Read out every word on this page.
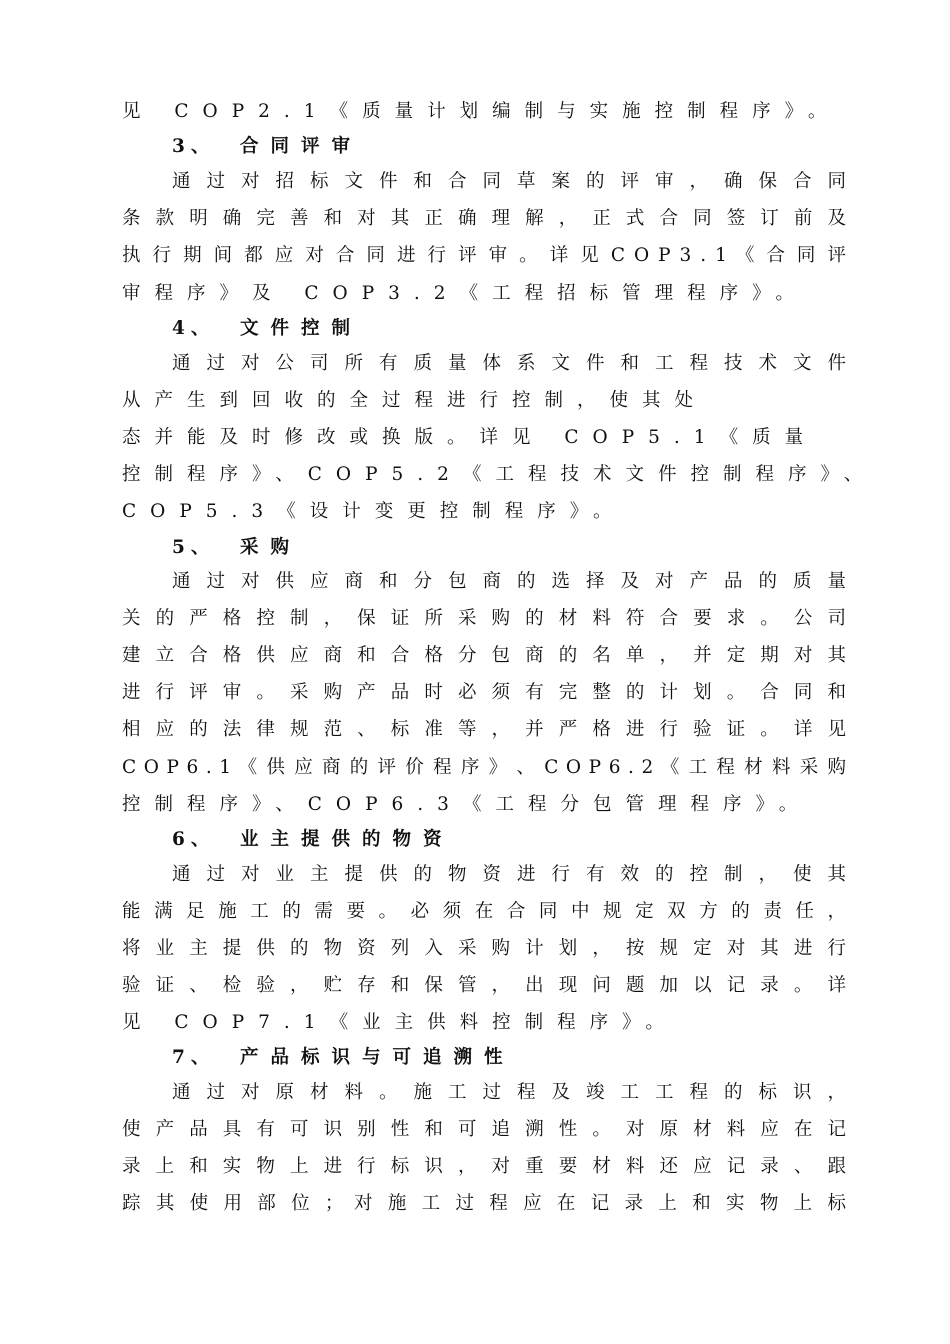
见 COP2.1《质量计划编制与实施控制程序》。
3、 合同评审
通 过 对 招 标 文 件 和 合 同 草 案 的 评 审 ， 确 保 合 同
条 款 明 确 完 善 和 对 其 正 确 理 解 ， 正 式 合 同 签 订 前 及
执 行 期 间 都 应 对 合 同 进 行 评 审 。 详 见 C O P 3 . 1 《 合 同 评
审程序》及 COP3.2《工程招标管理程序》。
4、 文件控制
通 过 对 公 司 所 有 质 量 体 系 文 件 和 工 程 技 术 文 件
从产生到回收的全过程进行控制，使其处
态并能及时修改或换版。详见 COP5.1《质量
控制程序》、COP5.2《工程技术文件控制程序》、
COP5.3《设计变更控制程序》。
5、 采购
通 过 对 供 应 商 和 分 包 商 的 选 择 及 对 产 品 的 质 量
关 的 严 格 控 制 ， 保 证 所 采 购 的 材 料 符 合 要 求 。 公 司
建 立 合 格 供 应 商 和 合 格 分 包 商 的 名 单 ， 并 定 期 对 其
进 行 评 审 。 采 购 产 品 时 必 须 有 完 整 的 计 划 。 合 同 和
相 应 的 法 律 规 范 、 标 准 等 ， 并 严 格 进 行 验 证 。 详 见
C O P 6 . 1 《 供 应 商 的 评 价 程 序 》 、 C O P 6 . 2 《 工 程 材 料 采 购
控制程序》、COP6.3《工程分包管理程序》。
6、 业主提供的物资
通 过 对 业 主 提 供 的 物 资 进 行 有 效 的 控 制 ， 使 其
能 满 足 施 工 的 需 要 。 必 须 在 合 同 中 规 定 双 方 的 责 任 ，
将 业 主 提 供 的 物 资 列 入 采 购 计 划 ， 按 规 定 对 其 进 行
验 证 、 检 验 ， 贮 存 和 保 管 ， 出 现 问 题 加 以 记 录 。 详
见 COP7.1《业主供料控制程序》。
7、 产品标识与可追溯性
通 过 对 原 材 料 。 施 工 过 程 及 竣 工 工 程 的 标 识 ，
使 产 品 具 有 可 识 别 性 和 可 追 溯 性 。 对 原 材 料 应 在 记
录 上 和 实 物 上 进 行 标 识 ， 对 重 要 材 料 还 应 记 录 、 跟
踪 其 使 用 部 位 ； 对 施 工 过 程 应 在 记 录 上 和 实 物 上 标
